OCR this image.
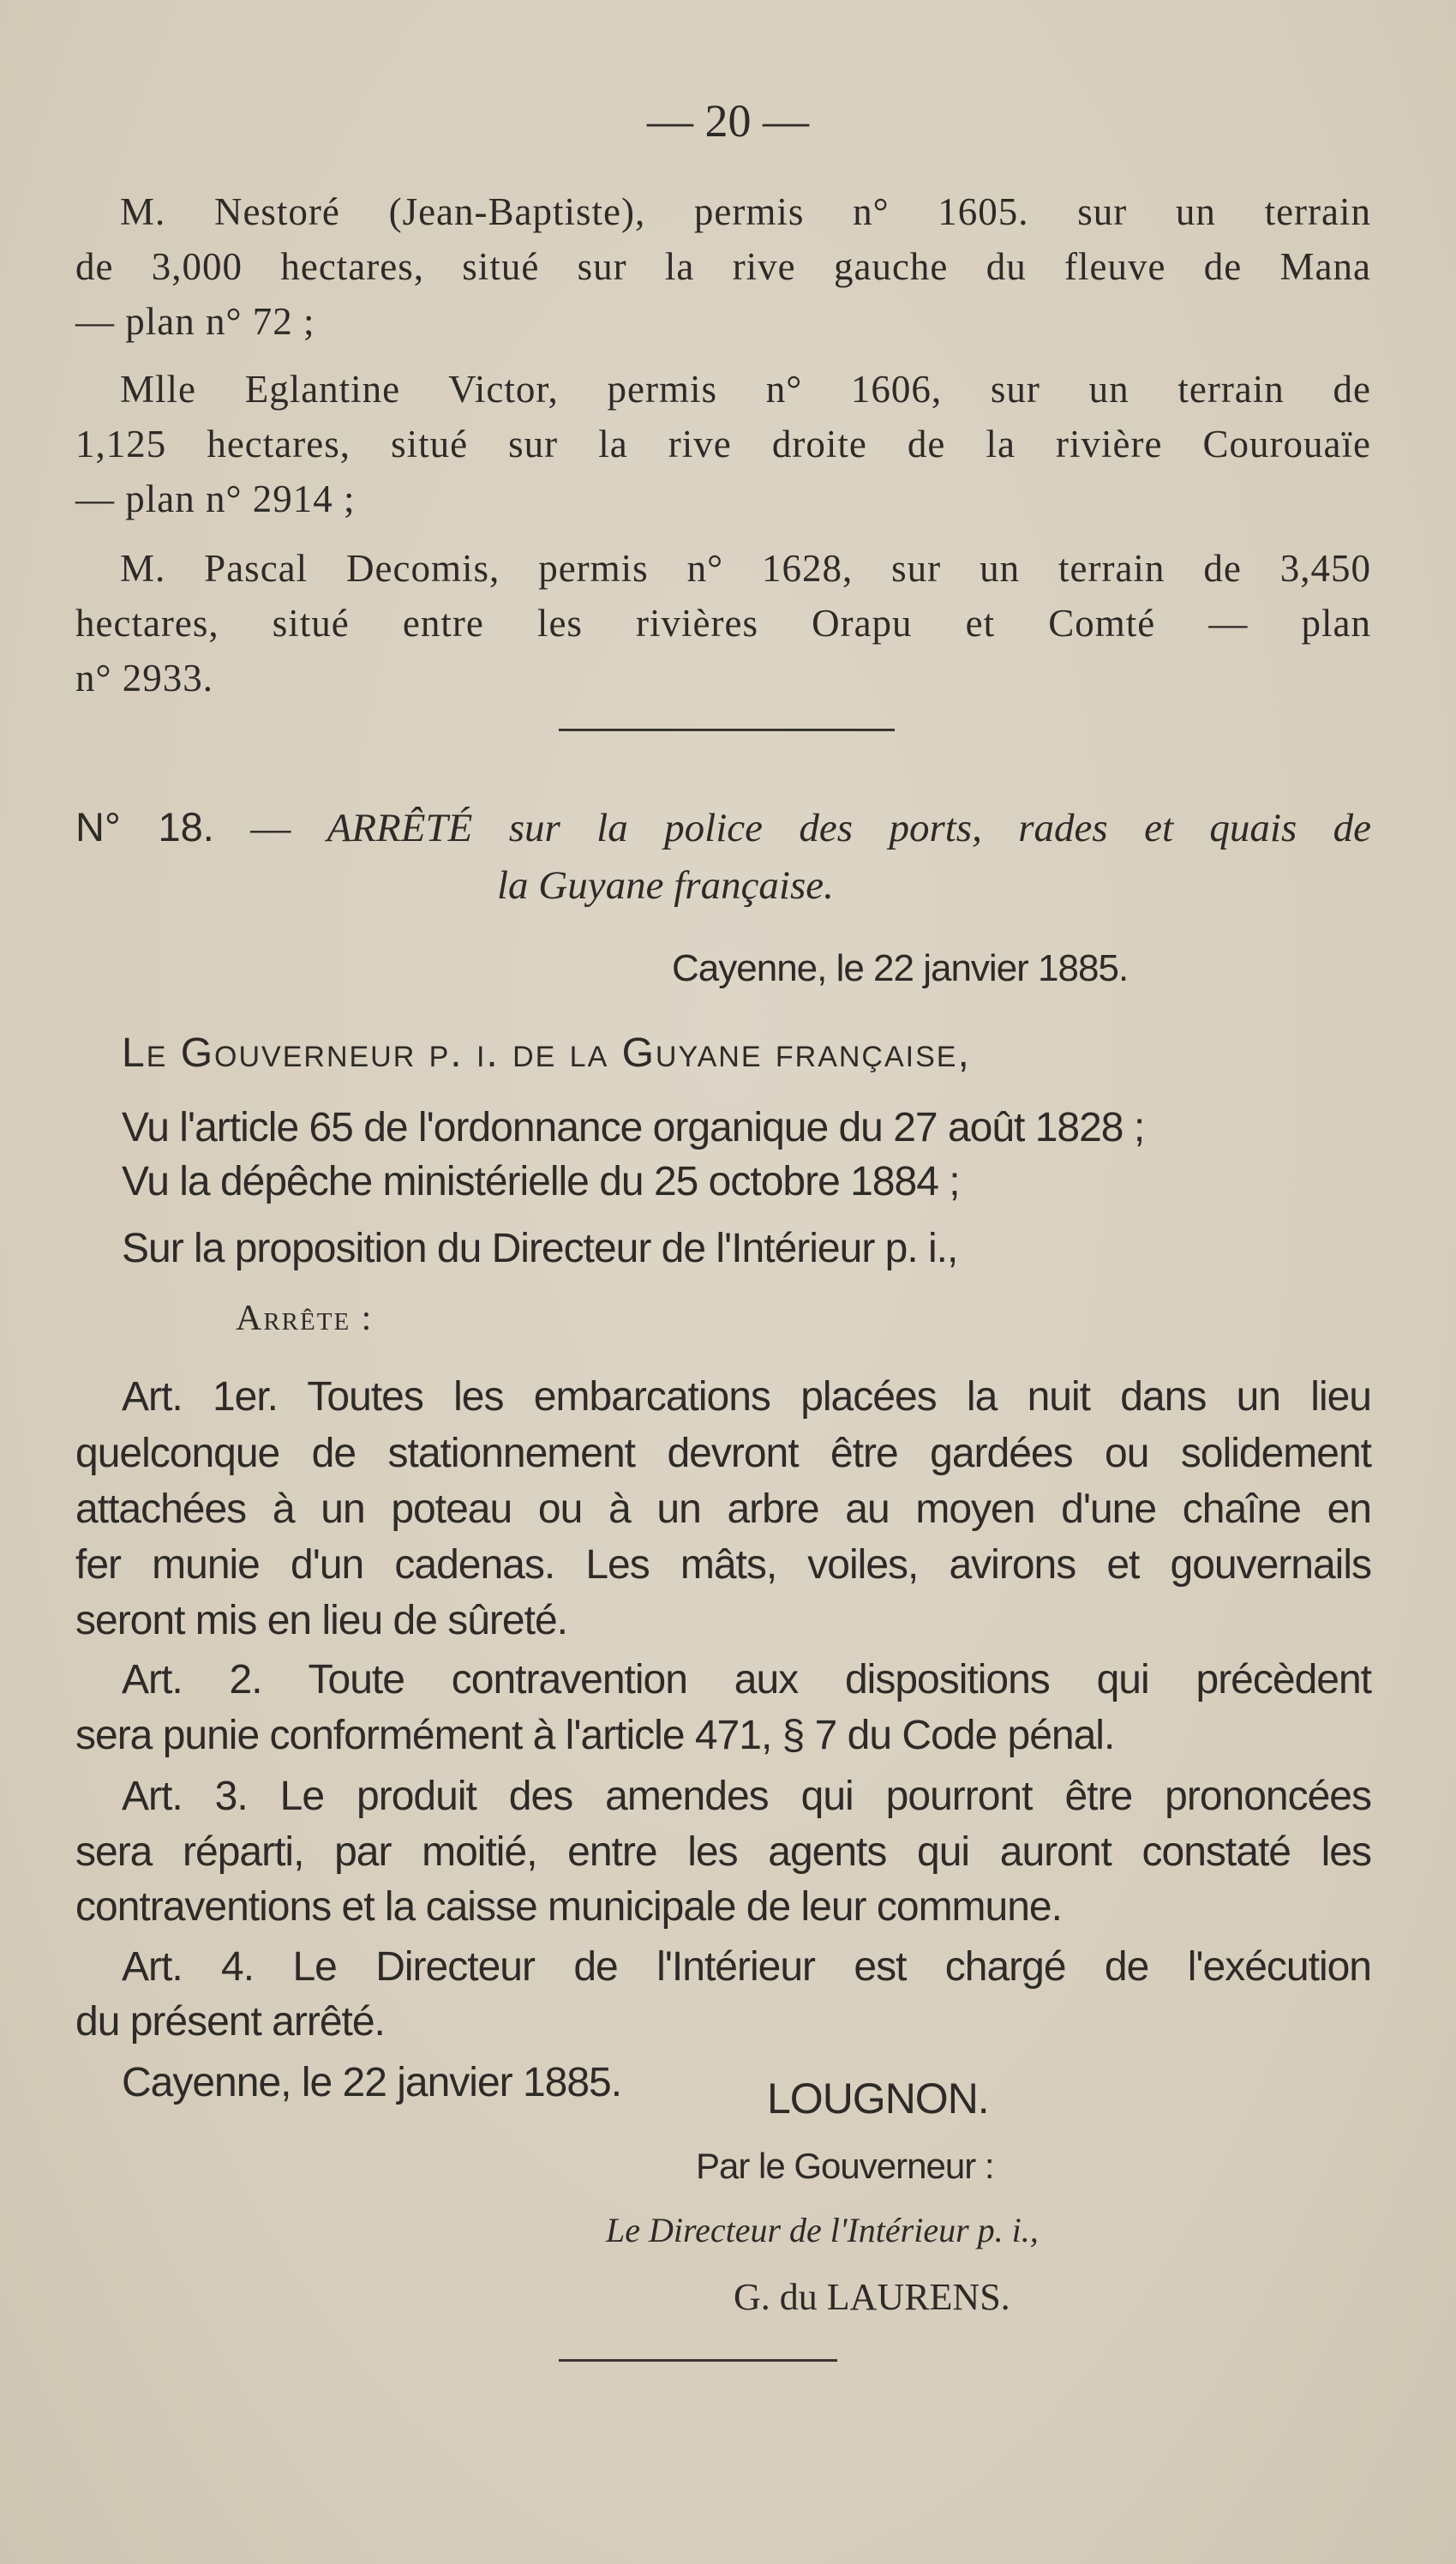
— 20 —
M. Nestoré (Jean-Baptiste), permis n° 1605. sur un terrain
de 3,000 hectares, situé sur la rive gauche du fleuve de Mana
— plan n° 72 ;
Mlle Eglantine Victor, permis n° 1606, sur un terrain de
1,125 hectares, situé sur la rive droite de la rivière Courouaïe
— plan n° 2914 ;
M. Pascal Decomis, permis n° 1628, sur un terrain de 3,450
hectares, situé entre les rivières Orapu et Comté — plan
n° 2933.
N° 18. — ARRÊTÉ sur la police des ports, rades et quais de
la Guyane française.
Cayenne, le 22 janvier 1885.
Le Gouverneur p. i. de la Guyane française,
Vu l'article 65 de l'ordonnance organique du 27 août 1828 ;
Vu la dépêche ministérielle du 25 octobre 1884 ;
Sur la proposition du Directeur de l'Intérieur p. i.,
Arrête :
Art. 1er. Toutes les embarcations placées la nuit dans un lieu
quelconque de stationnement devront être gardées ou solidement
attachées à un poteau ou à un arbre au moyen d'une chaîne en
fer munie d'un cadenas. Les mâts, voiles, avirons et gouvernails
seront mis en lieu de sûreté.
Art. 2. Toute contravention aux dispositions qui précèdent
sera punie conformément à l'article 471, § 7 du Code pénal.
Art. 3. Le produit des amendes qui pourront être prononcées
sera réparti, par moitié, entre les agents qui auront constaté les
contraventions et la caisse municipale de leur commune.
Art. 4. Le Directeur de l'Intérieur est chargé de l'exécution
du présent arrêté.
Cayenne, le 22 janvier 1885.	LOUGNON.
Par le Gouverneur :
Le Directeur de l'Intérieur p. i.,
G. du LAURENS.
